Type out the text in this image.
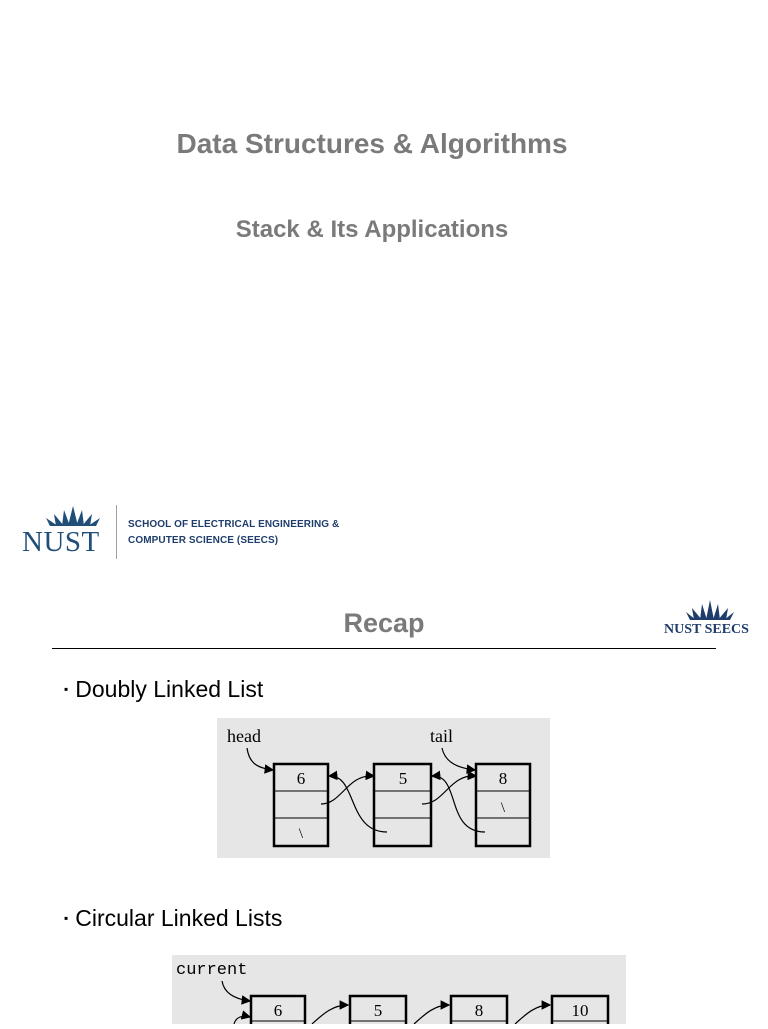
Data Structures & Algorithms
Stack & Its Applications
NUST
SCHOOL OF ELECTRICAL ENGINEERING &
COMPUTER SCIENCE (SEECS)
Recap	NUST SEECS
▪ Doubly Linked List
head	tail
6
\
5	8
\
▪ Circular Linked Lists
current
6	5	8	10
